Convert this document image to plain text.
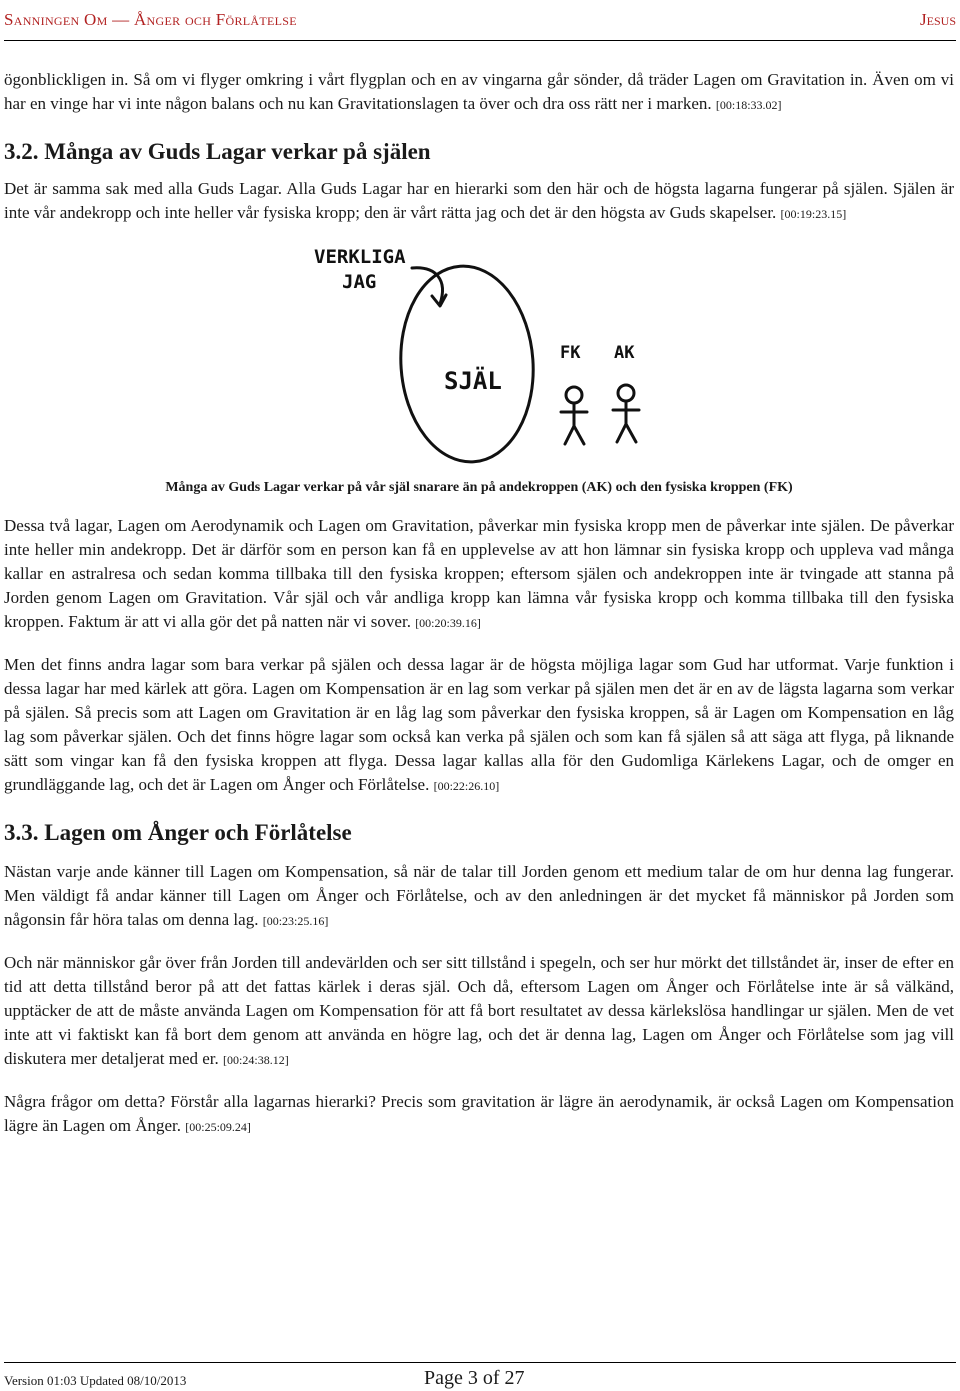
Sanningen Om — Ånger och Förlåtelse	Jesus

ögonblickligen in. Så om vi flyger omkring i vårt flygplan och en av vingarna går sönder, då träder Lagen om Gravitation in. Även om vi har en vinge har vi inte någon balans och nu kan Gravitationslagen ta över och dra oss rätt ner i marken. [00:18:33.02]

3.2. Många av Guds Lagar verkar på själen

Det är samma sak med alla Guds Lagar. Alla Guds Lagar har en hierarki som den här och de högsta lagarna fungerar på själen. Själen är inte vår andekropp och inte heller vår fysiska kropp; den är vårt rätta jag och det är den högsta av Guds skapelser. [00:19:23.15]

VERKLIGA
JAG
SJÄL
FK AK
Många av Guds Lagar verkar på vår själ snarare än på andekroppen (AK) och den fysiska kroppen (FK)

Dessa två lagar, Lagen om Aerodynamik och Lagen om Gravitation, påverkar min fysiska kropp men de påverkar inte själen. De påverkar inte heller min andekropp. Det är därför som en person kan få en upplevelse av att hon lämnar sin fysiska kropp och uppleva vad många kallar en astralresa och sedan komma tillbaka till den fysiska kroppen; eftersom själen och andekroppen inte är tvingade att stanna på Jorden genom Lagen om Gravitation. Vår själ och vår andliga kropp kan lämna vår fysiska kropp och komma tillbaka till den fysiska kroppen. Faktum är att vi alla gör det på natten när vi sover. [00:20:39.16]

Men det finns andra lagar som bara verkar på själen och dessa lagar är de högsta möjliga lagar som Gud har utformat. Varje funktion i dessa lagar har med kärlek att göra. Lagen om Kompensation är en lag som verkar på själen men det är en av de lägsta lagarna som verkar på själen. Så precis som att Lagen om Gravitation är en låg lag som påverkar den fysiska kroppen, så är Lagen om Kompensation en låg lag som påverkar själen. Och det finns högre lagar som också kan verka på själen och som kan få själen så att säga att flyga, på liknande sätt som vingar kan få den fysiska kroppen att flyga. Dessa lagar kallas alla för den Gudomliga Kärlekens Lagar, och de omger en grundläggande lag, och det är Lagen om Ånger och Förlåtelse. [00:22:26.10]

3.3. Lagen om Ånger och Förlåtelse

Nästan varje ande känner till Lagen om Kompensation, så när de talar till Jorden genom ett medium talar de om hur denna lag fungerar. Men väldigt få andar känner till Lagen om Ånger och Förlåtelse, och av den anledningen är det mycket få människor på Jorden som någonsin får höra talas om denna lag. [00:23:25.16]

Och när människor går över från Jorden till andevärlden och ser sitt tillstånd i spegeln, och ser hur mörkt det tillståndet är, inser de efter en tid att detta tillstånd beror på att det fattas kärlek i deras själ. Och då, eftersom Lagen om Ånger och Förlåtelse inte är så välkänd, upptäcker de att de måste använda Lagen om Kompensation för att få bort resultatet av dessa kärlekslösa handlingar ur själen. Men de vet inte att vi faktiskt kan få bort dem genom att använda en högre lag, och det är denna lag, Lagen om Ånger och Förlåtelse som jag vill diskutera mer detaljerat med er. [00:24:38.12]

Några frågor om detta? Förstår alla lagarnas hierarki? Precis som gravitation är lägre än aerodynamik, är också Lagen om Kompensation lägre än Lagen om Ånger. [00:25:09.24]

Version 01:03 Updated 08/10/2013	Page 3 of 27
